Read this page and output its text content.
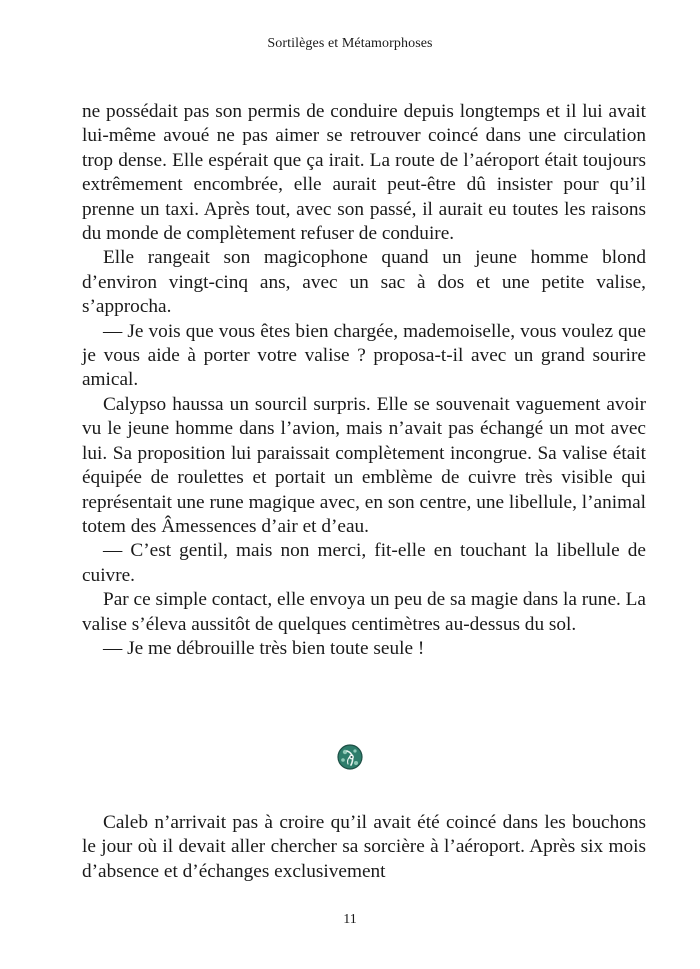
Sortilèges et Métamorphoses

ne possédait pas son permis de conduire depuis longtemps et il lui avait lui-même avoué ne pas aimer se retrouver coincé dans une circulation trop dense. Elle espérait que ça irait. La route de l’aéroport était toujours extrêmement encombrée, elle aurait peut-être dû insister pour qu’il prenne un taxi. Après tout, avec son passé, il aurait eu toutes les raisons du monde de complètement refuser de conduire.

Elle rangeait son magicophone quand un jeune homme blond d’environ vingt-cinq ans, avec un sac à dos et une petite valise, s’approcha.

— Je vois que vous êtes bien chargée, mademoiselle, vous voulez que je vous aide à porter votre valise ? proposa-t-il avec un grand sourire amical.

Calypso haussa un sourcil surpris. Elle se souvenait vaguement avoir vu le jeune homme dans l’avion, mais n’avait pas échangé un mot avec lui. Sa proposition lui paraissait complètement incongrue. Sa valise était équipée de roulettes et portait un emblème de cuivre très visible qui représentait une rune magique avec, en son centre, une libellule, l’animal totem des Âmessences d’air et d’eau.

— C’est gentil, mais non merci, fit-elle en touchant la libellule de cuivre.

Par ce simple contact, elle envoya un peu de sa magie dans la rune. La valise s’éleva aussitôt de quelques centimètres au-dessus du sol.

— Je me débrouille très bien toute seule !

Caleb n’arrivait pas à croire qu’il avait été coincé dans les bouchons le jour où il devait aller chercher sa sorcière à l’aéroport. Après six mois d’absence et d’échanges exclusivement

11
